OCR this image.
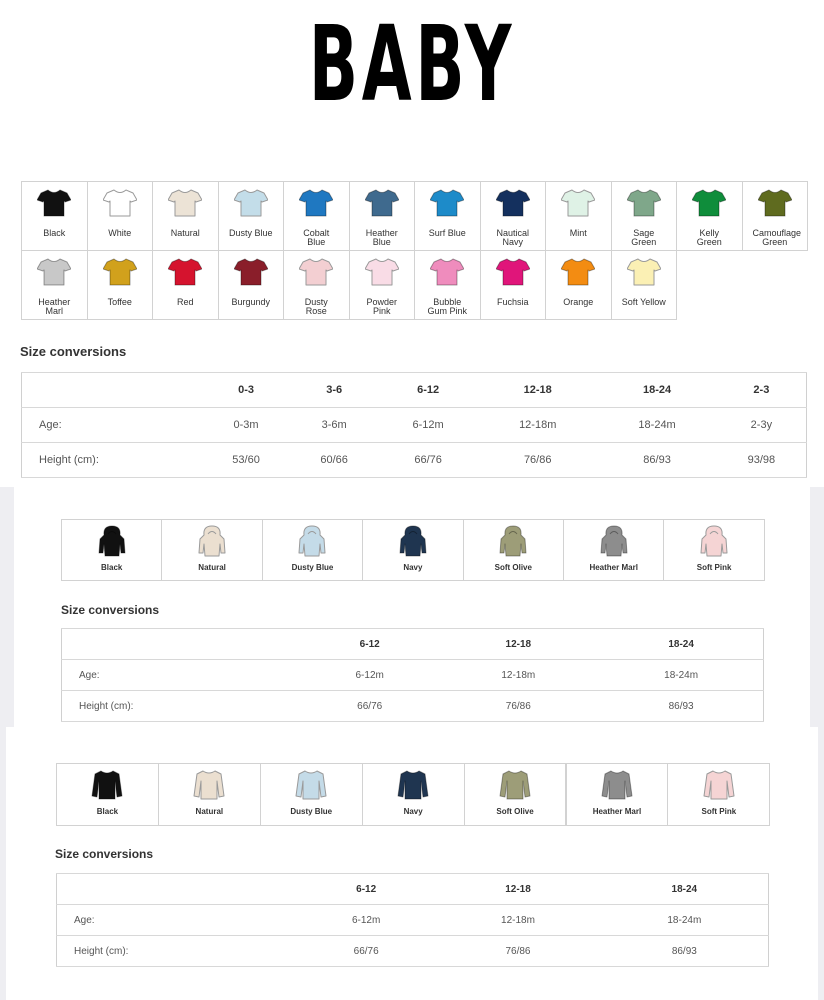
BABY
Black	White	Natural	Dusty Blue	Cobalt Blue
Heather Blue
Surf Blue	Nautical Navy
Mint	Sage Green
Kelly Green
Camouflage Green
Heather Marl
Toffee	Red	Burgundy	Dusty Rose
Powder Pink
Bubble Gum Pink
Fuchsia	Orange	Soft Yellow
Size conversions
	0-3	3-6	6-12	12-18	18-24	2-3
Age:	0-3m	3-6m	6-12m	12-18m	18-24m	2-3y
Height (cm):	53/60	60/66	66/76	76/86	86/93	93/98
Black	Natural	Dusty Blue	Navy	Soft Olive	Heather Marl	Soft Pink
Size conversions
	6-12	12-18	18-24
Age:	6-12m	12-18m	18-24m
Height (cm):	66/76	76/86	86/93
Black	Natural	Dusty Blue	Navy	Soft Olive	Heather Marl	Soft Pink
Size conversions
	6-12	12-18	18-24
Age:	6-12m	12-18m	18-24m
Height (cm):	66/76	76/86	86/93
